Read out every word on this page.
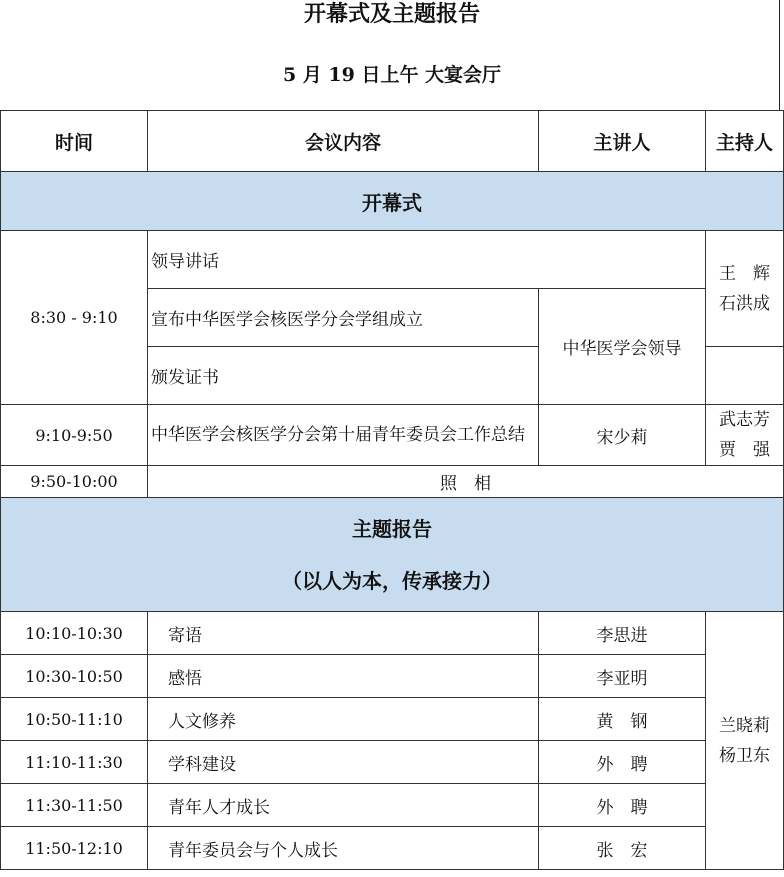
开幕式及主题报告
5 月 19 日上午 大宴会厅
时间	会议内容	主讲人	主持人
开幕式			
8:30 - 9:10	领导讲话		王　辉
石洪成

	宣布中华医学会核医学分会学组成立	中华医学会领导	
	颁发证书		
9:10-9:50	中华医学会核医学分会第十届青年委员会工作总结	宋少莉	武志芳
贾　强

9:50-10:00	照　相		

主题报告
（以人为本，传承接力）			

10:10-10:30	寄语	李思进	兰晓莉
杨卫东

10:30-10:50	感悟	李亚明	
10:50-11:10	人文修养	黄　钢	
11:10-11:30	学科建设	外　聘	
11:30-11:50	青年人才成长	外　聘	
11:50-12:10	青年委员会与个人成长	张　宏	
